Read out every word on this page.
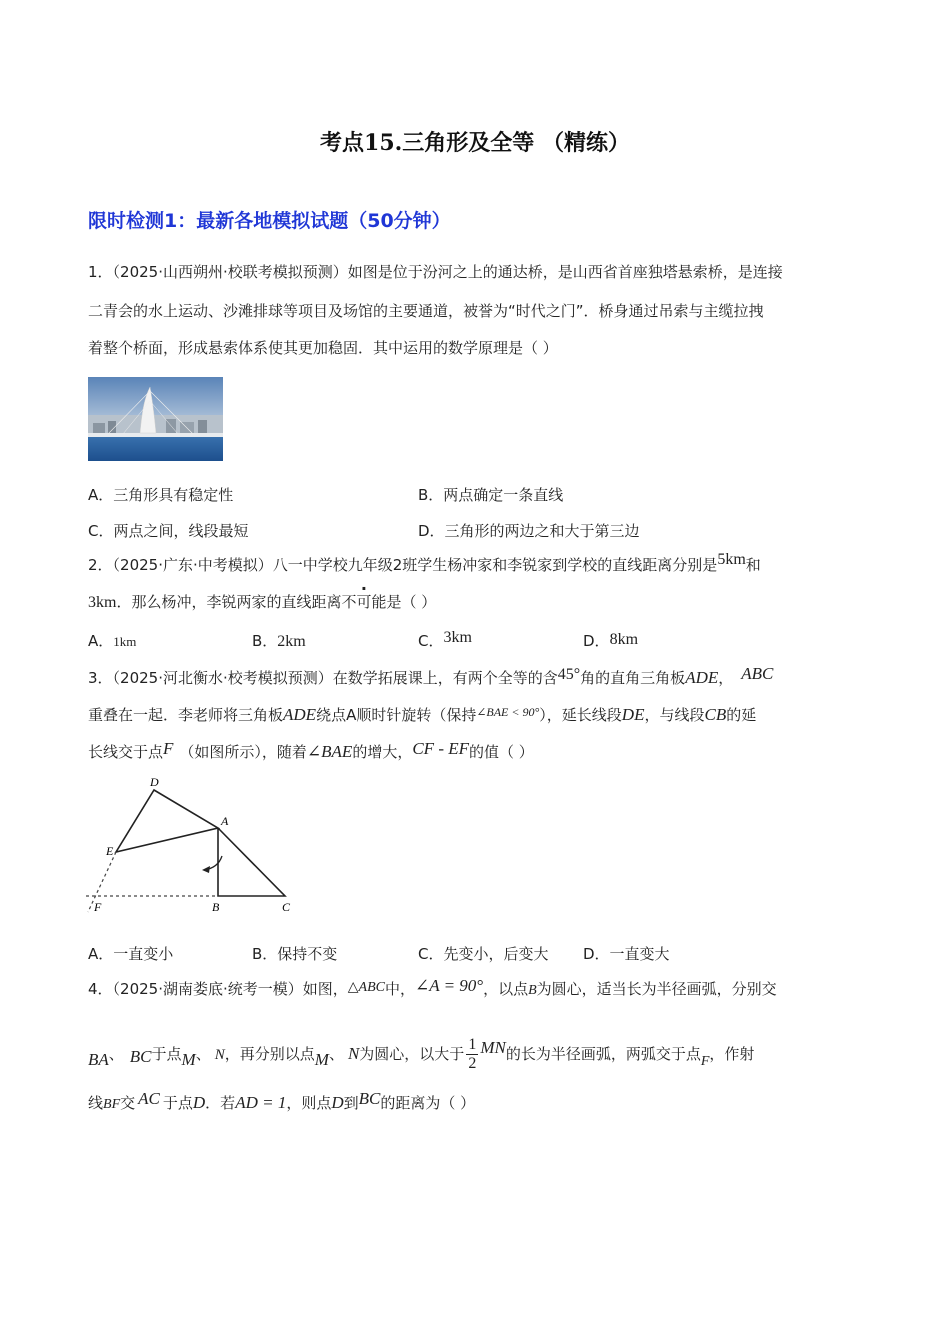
考点15.三角形及全等 （精练）
限时检测1：最新各地模拟试题（50分钟）
1．（2025·山西朔州·校联考模拟预测）如图是位于汾河之上的通达桥，是山西省首座独塔悬索桥，是连接
二青会的水上运动、沙滩排球等项目及场馆的主要通道，被誉为“时代之门”．桥身通过吊索与主缆拉拽
着整个桥面，形成悬索体系使其更加稳固．其中运用的数学原理是（ ）
A．三角形具有稳定性	B．两点确定一条直线
C．两点之间，线段最短	D．三角形的两边之和大于第三边
2．（2025·广东·中考模拟）八一中学校九年级2班学生杨冲家和李锐家到学校的直线距离分别是5km和
3km．那么杨冲，李锐两家的直线距离不可能是（ ）
A．1km	B．2km	C．3km	D．8km
3．（2025·河北衡水·校考模拟预测）在数学拓展课上，有两个全等的含45°角的直角三角板ADE， ABC
重叠在一起．李老师将三角板ADE绕点A顺时针旋转（保持$^{\angle BAE < 90^\circ}$），延长线段DE，与线段CB的延
长线交于点F （如图所示），随着∠BAE的增大，CF - EF的值（ ）
D
A
E
F	B	C
A．一直变小	B．保持不变	C．先变小，后变大 D．一直变大
4．（2025·湖南娄底·统考一模）如图，△ABC中，∠A = 90°，以点B为圆心，适当长为半径画弧，分别交
BA、 BC于点M、 N，再分别以点M、 N为圆心，以大于 $\frac{1}{2}$ MN的长为半径画弧，两弧交于点F，作射
线BF交 AC 于点D．若AD = 1，则点D到BC的距离为（ ）
